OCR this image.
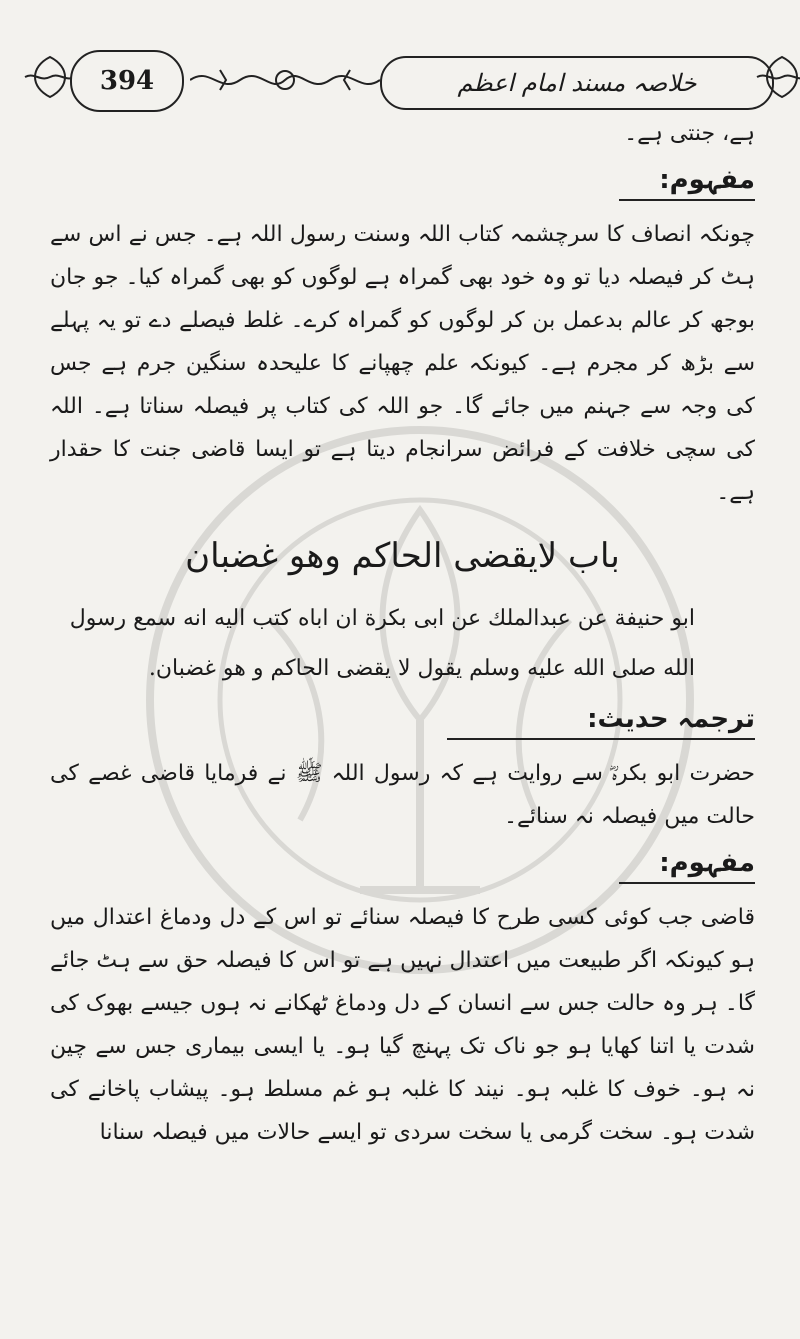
394	خلاصہ مسند امام اعظم
ہے، جنتی ہے۔
مفہوم:

چونکہ انصاف کا سرچشمہ کتاب اللہ وسنت رسول اللہ ہے۔ جس نے اس سے ہٹ کر فیصلہ دیا تو وہ خود بھی گمراہ ہے لوگوں کو بھی گمراہ کیا۔ جو جان بوجھ کر عالم بدعمل بن کر لوگوں کو گمراہ کرے۔ غلط فیصلے دے تو یہ پہلے سے بڑھ کر مجرم ہے۔ کیونکہ علم چھپانے کا علیحدہ سنگین جرم ہے جس کی وجہ سے جہنم میں جائے گا۔ جو اللہ کی کتاب پر فیصلہ سناتا ہے۔ اللہ کی سچی خلافت کے فرائض سرانجام دیتا ہے تو ایسا قاضی جنت کا حقدار ہے۔

باب لایقضی الحاکم وھو غضبان
ابو حنیفة عن عبدالملك عن ابی بكرة ان اباه كتب اليه انه سمع رسول الله صلى الله عليه وسلم يقول لا يقضى الحاكم و هو غضبان.
ترجمہ حدیث:

حضرت ابو بکرہؓ سے روایت ہے کہ رسول اللہ ﷺ نے فرمایا قاضی غصے کی حالت میں فیصلہ نہ سنائے۔

مفہوم:

قاضی جب کوئی کسی طرح کا فیصلہ سنائے تو اس کے دل ودماغ اعتدال میں ہو کیونکہ اگر طبیعت میں اعتدال نہیں ہے تو اس کا فیصلہ حق سے ہٹ جائے گا۔ ہر وہ حالت جس سے انسان کے دل ودماغ ٹھکانے نہ ہوں جیسے بھوک کی شدت یا اتنا کھایا ہو جو ناک تک پہنچ گیا ہو۔ یا ایسی بیماری جس سے چین نہ ہو۔ خوف کا غلبہ ہو۔ نیند کا غلبہ ہو غم مسلط ہو۔ پیشاب پاخانے کی شدت ہو۔ سخت گرمی یا سخت سردی تو ایسے حالات میں فیصلہ سنانا
